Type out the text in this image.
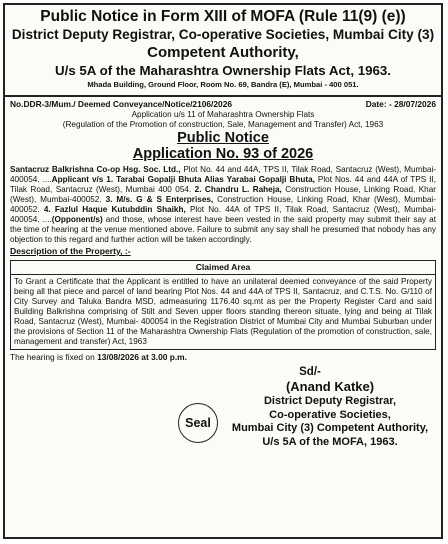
Public Notice in Form XIII of MOFA (Rule 11(9) (e))
District Deputy Registrar, Co-operative Societies, Mumbai City (3)
Competent Authority,
U/s 5A of the Maharashtra Ownership Flats Act, 1963.
Mhada Building, Ground Floor, Room No. 69, Bandra (E), Mumbai - 400 051.
No.DDR-3/Mum./ Deemed Conveyance/Notice/2106/2026	Date: - 28/07/2026
Application u/s 11 of Maharashtra Ownership Flats
(Regulation of the Promotion of construction, Sale, Management and Transfer) Act, 1963
Public Notice
Application No. 93 of 2026
Santacruz Balkrishna Co-op Hsg. Soc. Ltd., Plot No. 44 and 44A, TPS II, Tilak Road, Santacruz (West), Mumbai- 400054. ....Applicant v/s 1. Tarabai Gopalji Bhuta Alias Yarabai Gopalji Bhuta, Plot Nos. 44 and 44A of TPS II, Tilak Road, Santacruz (West), Mumbai 400 054. 2. Chandru L. Raheja, Construction House, Linking Road, Khar (West), Mumbai-400052. 3. M/s. G & S Enterprises, Construction House, Linking Road, Khar (West), Mumbai-400052. 4. Fazlul Haque Kutubddin Shaikh, Plot No. 44A of TPS II, Tilak Road, Santacruz (West), Mumbai- 400054. ....(Opponent/s) and those, whose interest have been vested in the said property may submit their say at the time of hearing at the venue mentioned above. Failure to submit any say shall he presumed that nobody has any objection to this regard and further action will be taken accordingly.
Description of the Property, :-
Claimed Area
To Grant a Certificate that the Applicant is entitled to have an unilateral deemed conveyance of the said Property being all that piece and parcel of land bearing Plot Nos. 44 and 44A of TPS II, Santacruz, and C.T.S. No. G/110 of City Survey and Taluka Bandra MSD, admeasuring 1176.40 sq.mt as per the Property Register Card and said Building Balkrishna comprising of Stilt and Seven upper floors standing thereon situate, lying and being at Tilak Road, Santacruz (West), Mumbai- 400054 in the Registration District of Mumbai City and Mumbai Suburban under the provisions of Section 11 of the Maharashtra Ownership Flats (Regulation of the promotion of construction, sale, management and transfer) Act, 1963
The hearing is fixed on 13/08/2026 at 3.00 p.m.
Seal
Sd/-
(Anand Katke)
District Deputy Registrar,
Co-operative Societies,
Mumbai City (3) Competent Authority,
U/s 5A of the MOFA, 1963.
